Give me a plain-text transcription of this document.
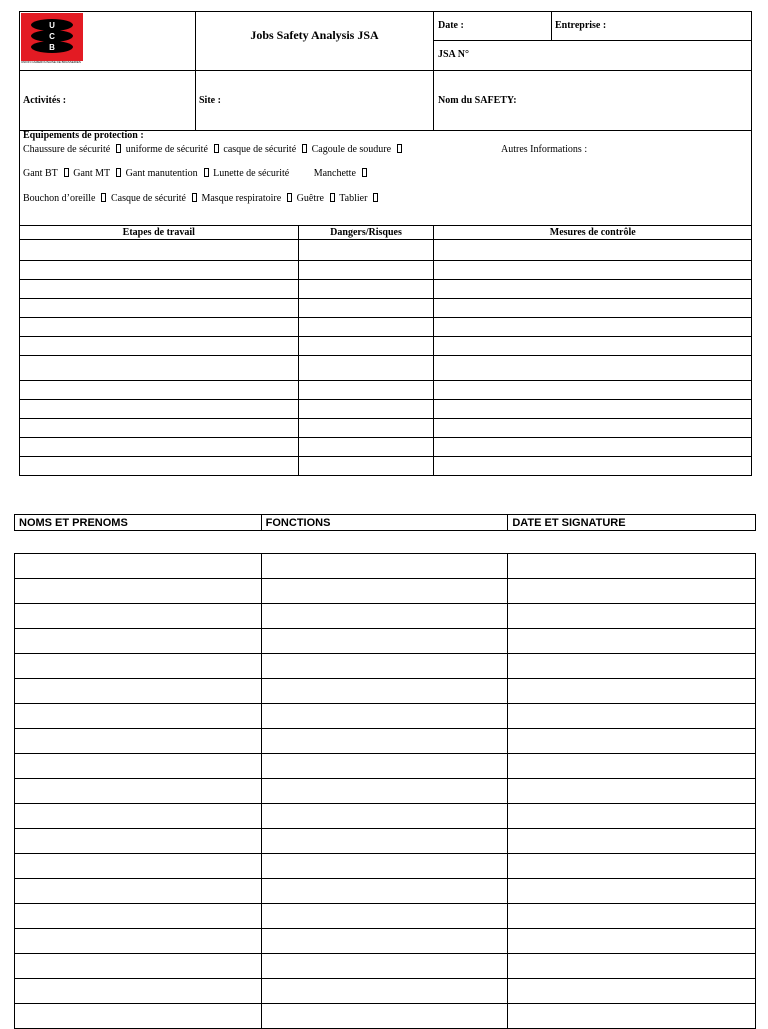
U
C
B
UNION CAMEROUNAISE DE BRASSERIES
Jobs Safety Analysis JSA
Date :	Entreprise :
JSA N°
Activités :	Site :	Nom du SAFETY:
Equipements de protection :
Chaussure de sécurité uniforme de sécurité casque de sécurité Cagoule de soudure	Autres Informations :
Gant BT Gant MT Gant manutention Lunette de sécurité Manchette
Bouchon d’oreille Casque de sécurité Masque respiratoire Guêtre Tablier
Etapes de travail	Dangers/Risques	Mesures de contrôle

NOMS ET PRENOMS	FONCTIONS	DATE ET SIGNATURE
